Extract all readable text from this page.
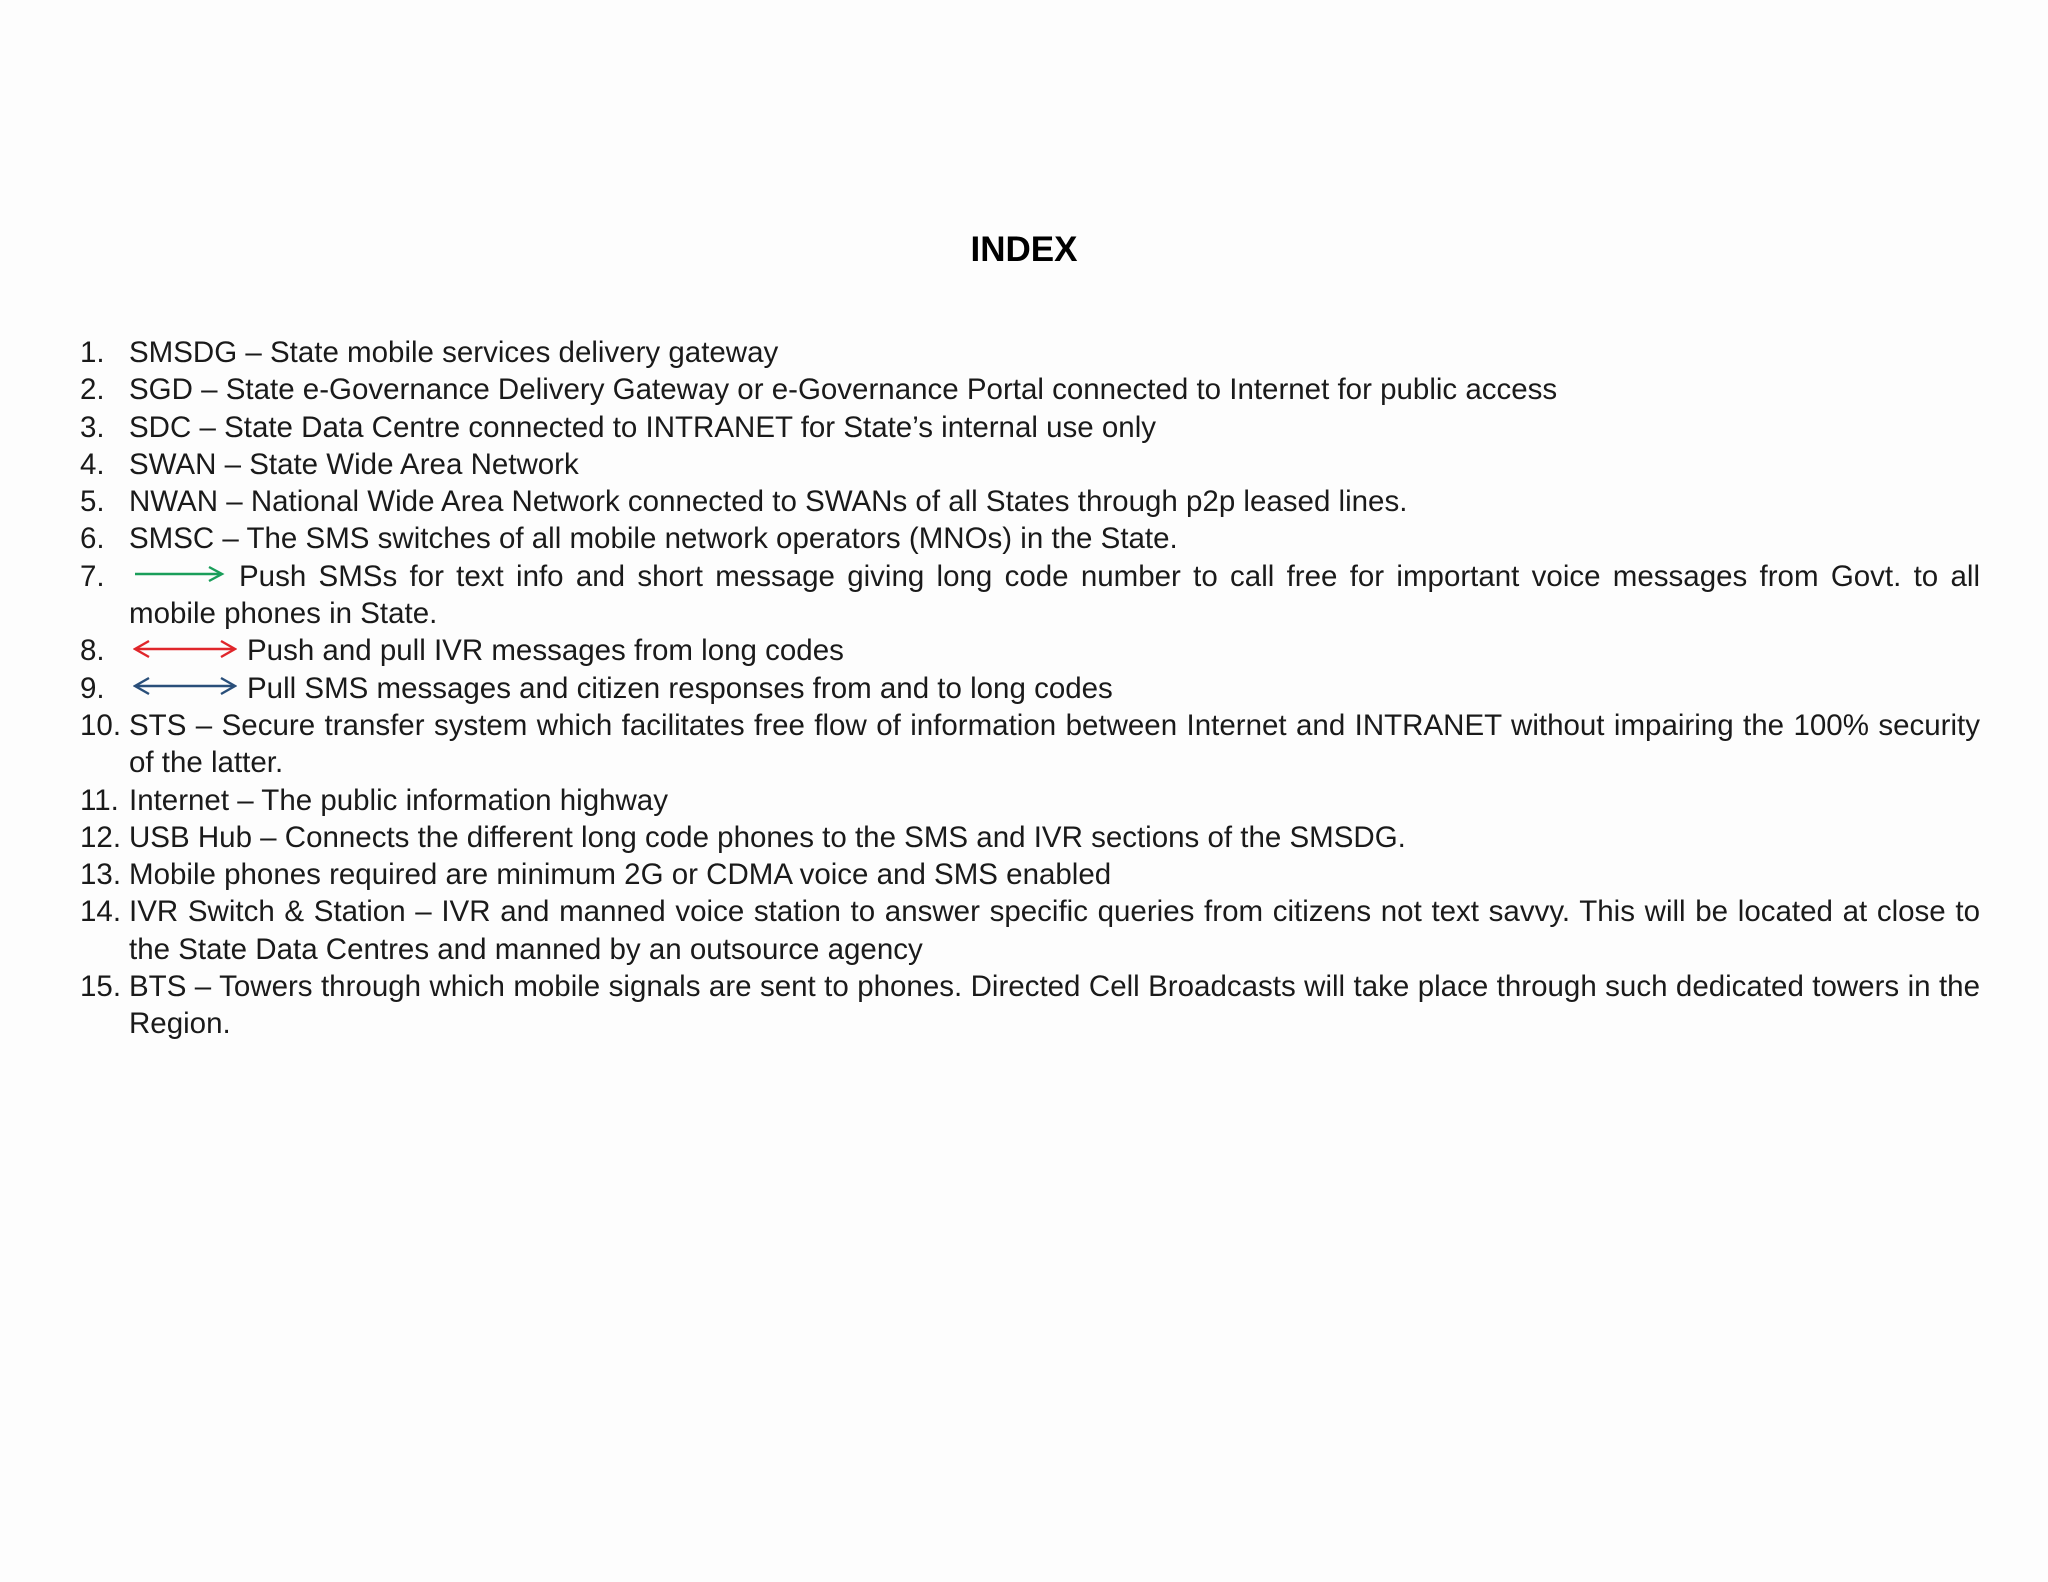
INDEX
1. SMSDG – State mobile services delivery gateway
2. SGD – State e-Governance Delivery Gateway or e-Governance Portal connected to Internet for public access
3. SDC – State Data Centre connected to INTRANET for State’s internal use only
4. SWAN – State Wide Area Network
5. NWAN – National Wide Area Network connected to SWANs of all States through p2p leased lines.
6. SMSC – The SMS switches of all mobile network operators (MNOs) in the State.
7.	Push SMSs for text info and short message giving long code number to call free for important voice messages from Govt. to all mobile phones in State.
8.	Push and pull IVR messages from long codes
9.	Pull SMS messages and citizen responses from and to long codes
10. STS – Secure transfer system which facilitates free flow of information between Internet and INTRANET without impairing the 100% security of the latter.
11. Internet – The public information highway
12. USB Hub – Connects the different long code phones to the SMS and IVR sections of the SMSDG.
13. Mobile phones required are minimum 2G or CDMA voice and SMS enabled
14. IVR Switch & Station – IVR and manned voice station to answer specific queries from citizens not text savvy. This will be located at close to the State Data Centres and manned by an outsource agency
15. BTS – Towers through which mobile signals are sent to phones. Directed Cell Broadcasts will take place through such dedicated towers in the Region.
